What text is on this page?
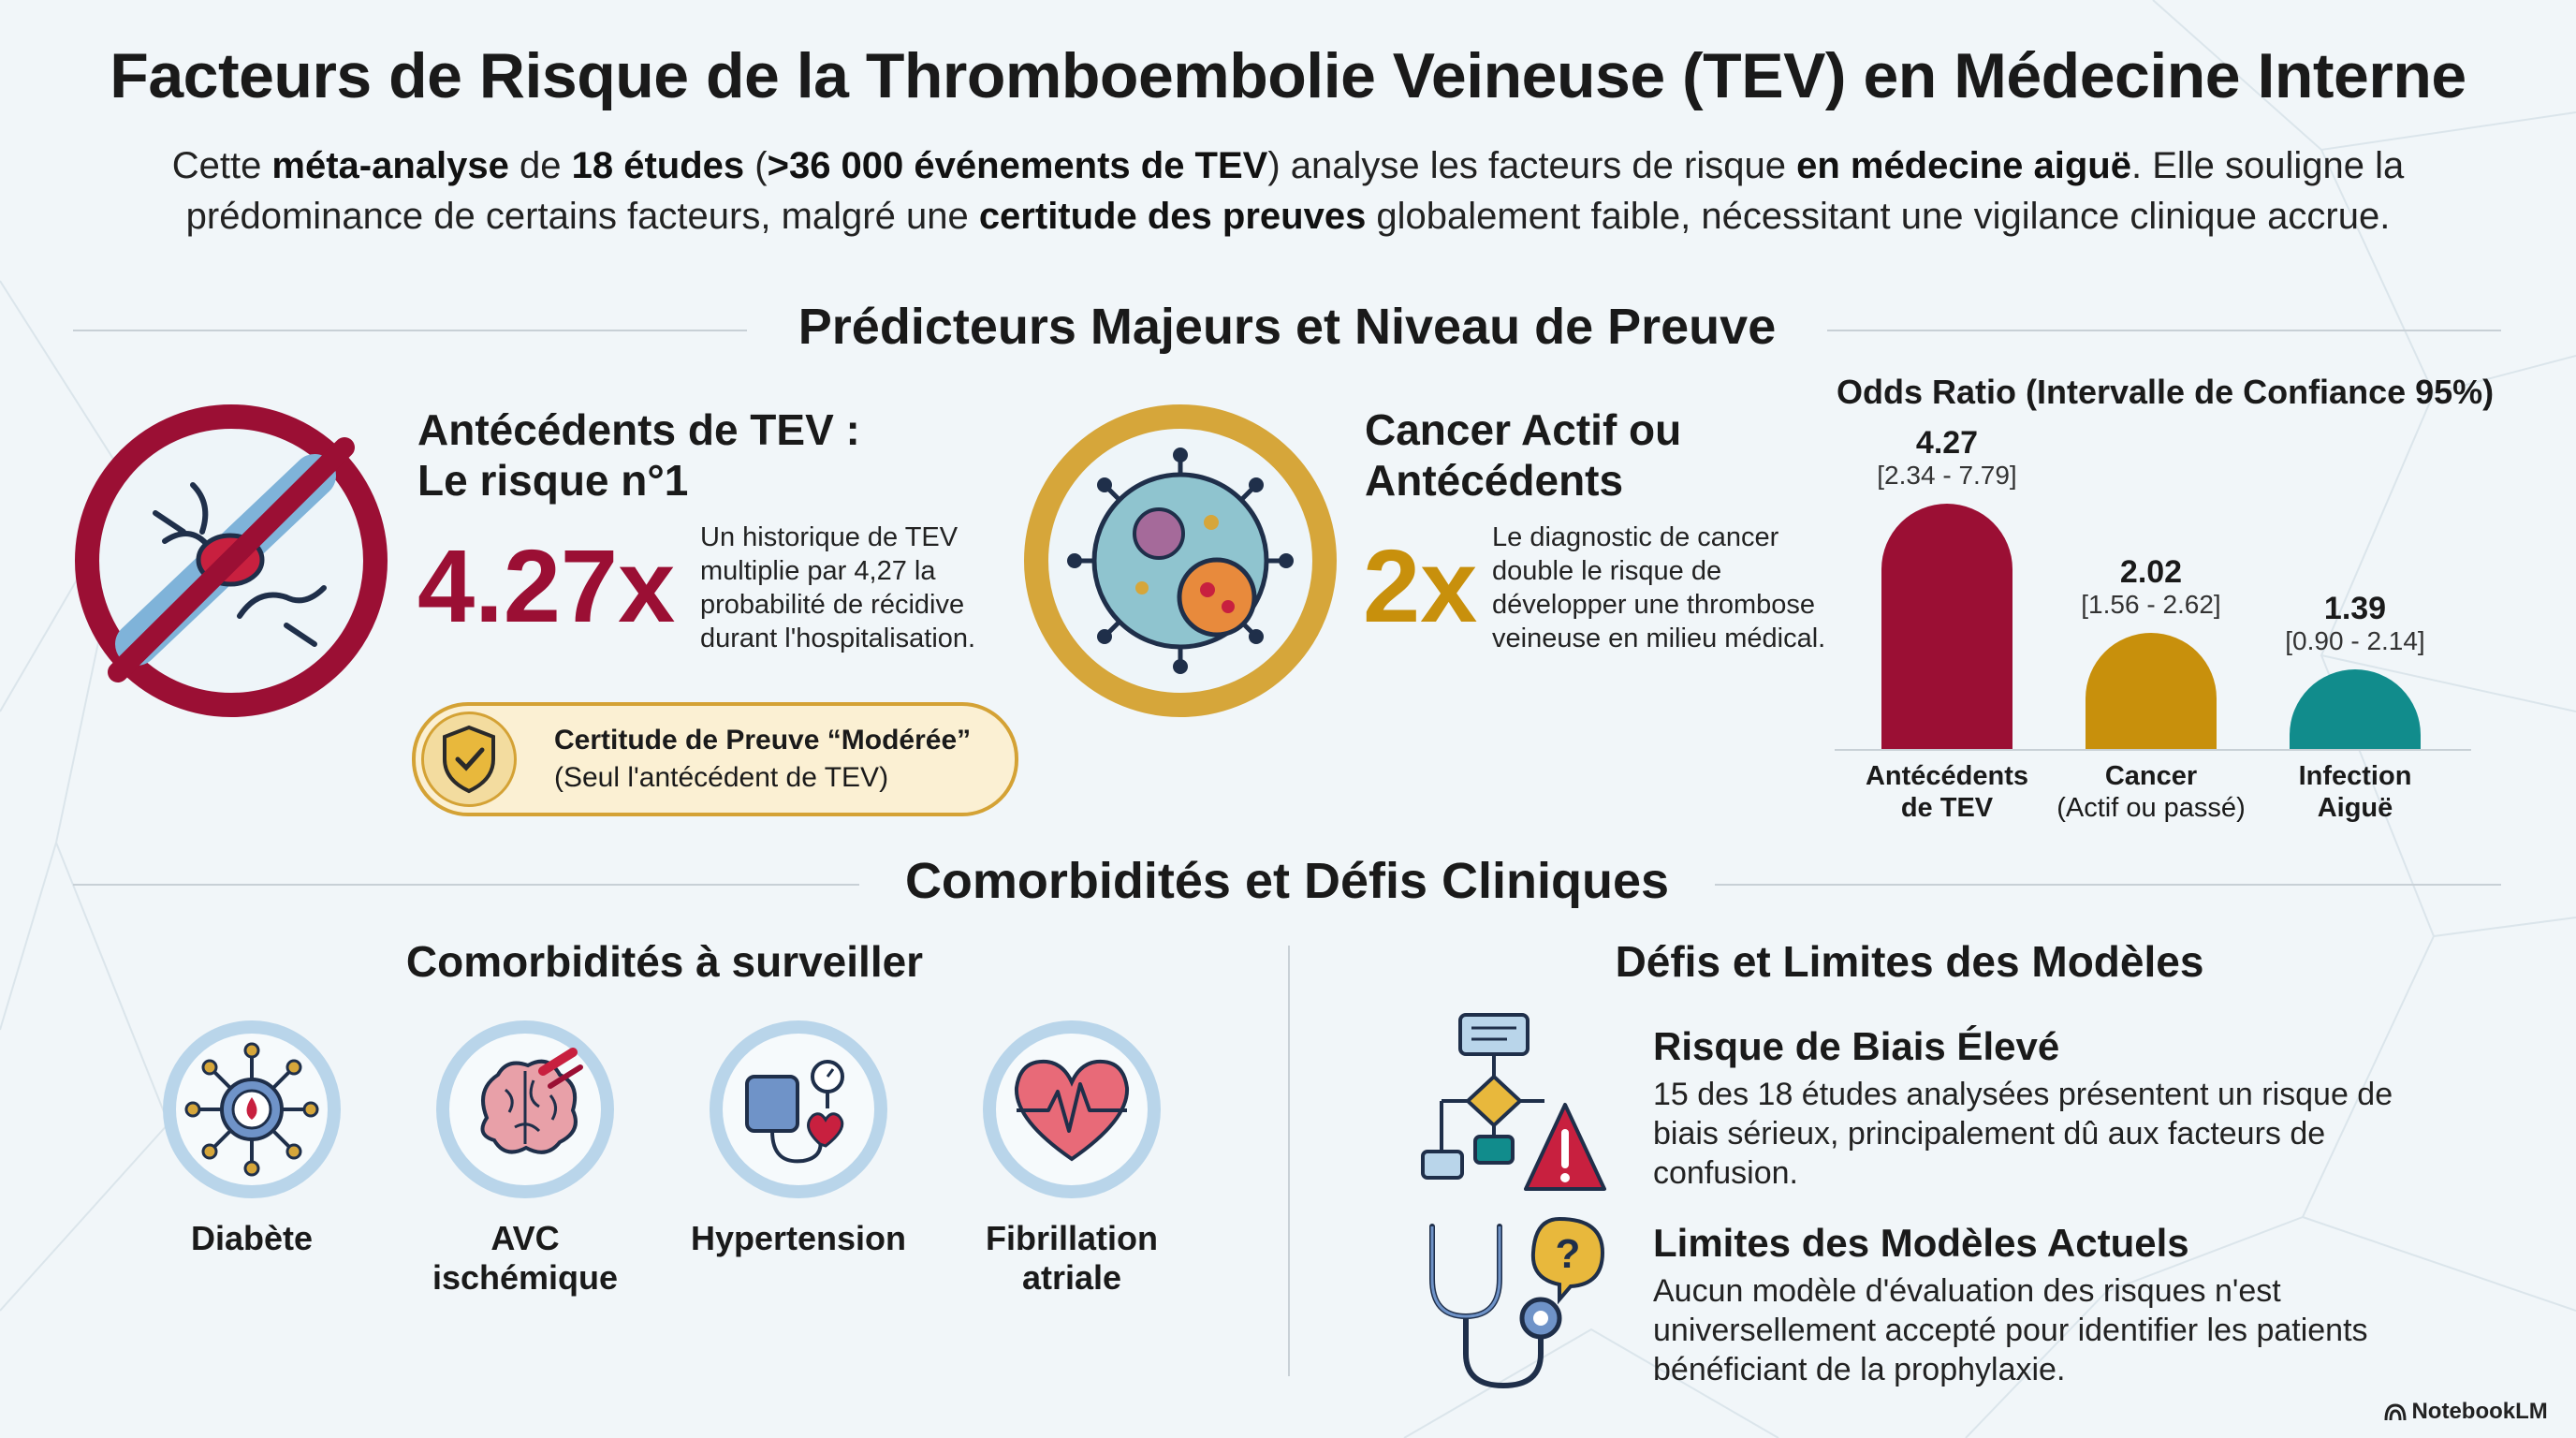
Facteurs de Risque de la Thromboembolie Veineuse (TEV) en Médecine Interne
Cette méta-analyse de 18 études (>36 000 événements de TEV) analyse les facteurs de risque en médecine aiguë. Elle souligne la prédominance de certains facteurs, malgré une certitude des preuves globalement faible, nécessitant une vigilance clinique accrue.
Prédicteurs Majeurs et Niveau de Preuve
Antécédents de TEV :
Le risque n°1
4.27x Un historique de TEV multiplie par 4,27 la probabilité de récidive durant l'hospitalisation.
Certitude de Preuve “Modérée”
(Seul l'antécédent de TEV)
Cancer Actif ou
Antécédents
2x Le diagnostic de cancer double le risque de développer une thrombose veineuse en milieu médical.
Odds Ratio (Intervalle de Confiance 95%)
4.27
[2.34 - 7.79]
Antécédents
de TEV
2.02
[1.56 - 2.62]
Cancer
(Actif ou passé)
1.39
[0.90 - 2.14]
Infection
Aiguë
Comorbidités et Défis Cliniques
Comorbidités à surveiller
Diabète	AVC
ischémique
Hypertension	Fibrillation
atriale
Défis et Limites des Modèles
Risque de Biais Élevé
15 des 18 études analysées présentent un risque de biais sérieux, principalement dû aux facteurs de confusion.
? Limites des Modèles Actuels
Aucun modèle d'évaluation des risques n'est universellement accepté pour identifier les patients bénéficiant de la prophylaxie.
NotebookLM
